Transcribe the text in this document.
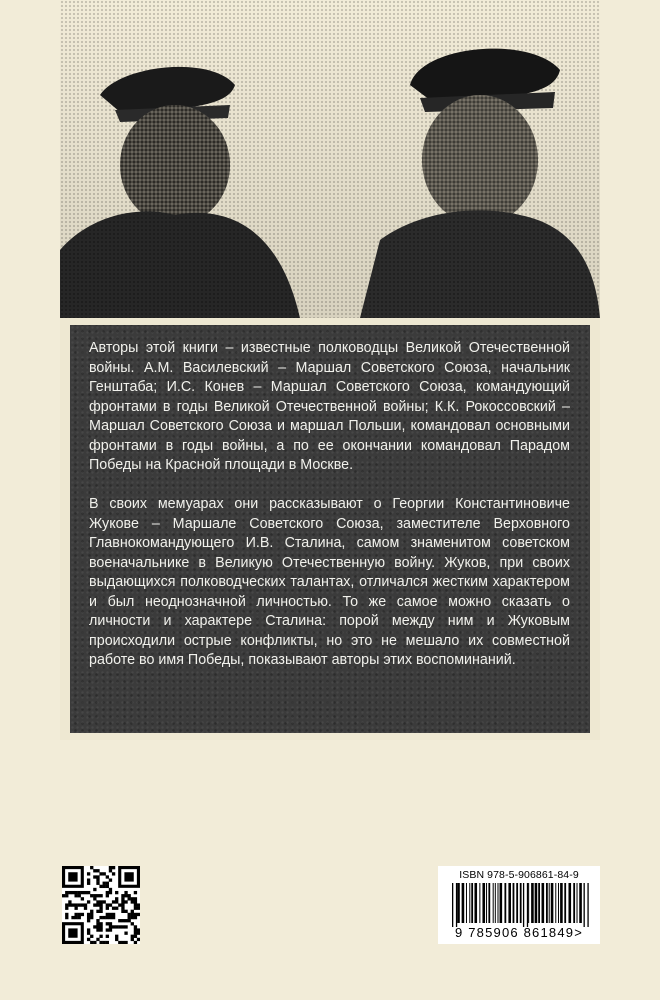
Авторы этой книги – известные полководцы Великой Отечественной войны. А.М. Василевский – Маршал Советского Союза, начальник Генштаба; И.С. Конев – Маршал Советского Союза, командующий фронтами в годы Великой Отечественной войны; К.К. Рокоссовский – Маршал Советского Союза и маршал Польши, командовал основными фронтами в годы войны, а по ее окончании командовал Парадом Победы на Красной площади в Москве.

В своих мемуарах они рассказывают о Георгии Константиновиче Жукове – Маршале Советского Союза, заместителе Верховного Главнокомандующего И.В. Сталина, самом знаменитом советском военачальнике в Великую Отечественную войну. Жуков, при своих выдающихся полководческих талантах, отличался жестким характером и был неоднозначной личностью. То же самое можно сказать о личности и характере Сталина: порой между ним и Жуковым происходили острые конфликты, но это не мешало их совместной работе во имя Победы, показывают авторы этих воспоминаний.

ISBN 978-5-906861-84-9
9 785906 861849>
